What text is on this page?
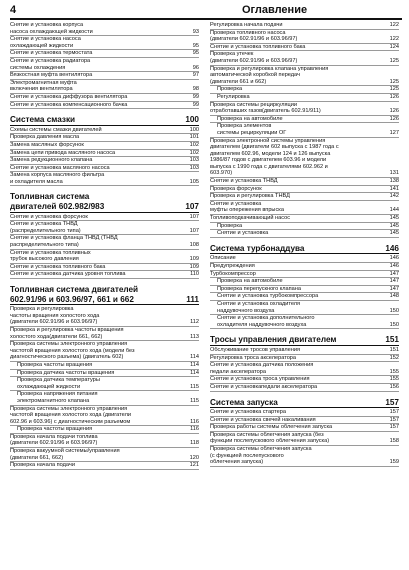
4	Оглавление
Снятие и установка корпуса
93
насоса охлаждающей жидкости
Снятие и установка насоса
95
охлаждающей жидкости
95
Снятие и установка термостата
Снятие и установка радиатора
96
системы охлаждения
97
Вязкостная муфта вентилятора
Электромагнитная муфта
98
включения вентилятора
99
Снятие и установка диффузора вентилятора
99
Снятие и установка компенсационного бачка
100
Система смазки
100
Схемы системы смазки двигателей
101
Проверка давления масла
102
Замена масляных форсунок
102
Замена цепи привода масляного насоса
103
Замена редукционного клапана
103
Снятие и установка масляного насоса
Замена корпуса масляного фильтра
105
и охладителя масла
Топливная система
107
двигателей 602.982/983
107
Снятие и установка форсунок
Снятие и установка ТНВД
107
(распределительного типа)
Снятие и установка фланца ТНВД (ТНВД
108
распределительного типа)
Снятие и установка топливных
109
трубок высокого давления
109
Снятие и установка топливного бака
110
Снятие и установка датчика уровня топлива
Топливная система двигателей
111
602.91/96 и 603.96/97, 661 и 662
Проверка и регулировка
частоты вращения холостого хода
112
(двигатели 602.91/96 и 603.96/97)
Проверка и регулировка частоты вращения
113
холостого хода(двигатели 661, 662)
Проверка системы электронного управления
частотой вращения холостого хода (модели без
114
диагностического разъема) (двигатель 602)
114
Проверка частоты вращения
114
Проверка датчика частоты вращения
Проверка датчика температуры
115
охлаждающей жидкости
Проверка напряжения питания
115
электромагнитного клапана
Проверка системы электронного управления
частотой вращения холостого хода (двигатели
116
602.96 и 603.96) с диагностическим разъемом
116
Проверка частоты вращения
Проверка начала подачи топлива
118
(двигатели 602.91/96 и 603.96/97)
Проверка вакуумной системы/управления
120
(двигатели 661, 662)
121
Проверка начала подачи
122
Регулировка начала подачи
Проверка топливного насоса
122
(двигатели 602.91/96 и 603.96/97)
124
Снятие и установка топливного бака
Проверка утечек
125
(двигатели 602.91/96 и 603.96/97)
Проверка и регулировка клапана управления
автоматической коробкой передач
125
(двигатели 661 и 662)
125
Проверка
126
Регулировка
Проверка системы рециркуляции
126
отработавших газов(двигатель 602.91/911)
126
Проверка на автомобиле
Проверка элементов
127
системы рециркуляции ОГ
Проверка электронной системы управления
двигателем (двигатели 602 выпуска с 1987 года с
двигателем 602.96, модели 124 и 126 выпуска
1986/87 годов с двигателем 603.96 и модели
выпуска с 1990 года с двигателями 602.962 и
131
603.970)
138
Снятие и установка ТНВД
141
Проверка форсунок
142
Проверка и регулировка ТНВД
Снятие и установка
144
муфты опережения впрыска
145
Топливоподкачивающий насос
145
Проверка
145
Снятие и установка
146
Система турбонаддува
146
Описание
146
Предупреждения
147
Турбокомпрессор
147
Проверка на автомобиле
147
Проверка перепускного клапана
148
Снятие и установка турбокомпрессора
Снятие и установка охладителя
150
наддувочного воздуха
Снятие и установка дополнительного
150
охладителя наддувочного воздуха
151
Тросы управления двигателем
151
Обслуживание тросов управления
152
Регулировка троса акселератора
Снятие и установка датчика положения
155
педали акселератора
155
Снятие и установка троса управления
156
Снятие и установкапедали акселератора
157
Система запуска
157
Снятие и установка стартера
157
Снятие и установка свечей накаливания
157
Проверка работы системы облегчения запуска
Проверка системы облегчения запуска (без
158
функции послепускового облегчения запуска)
Проверка системы облегчения запуска
(с функцией послепускового
159
облегчения запуска)
